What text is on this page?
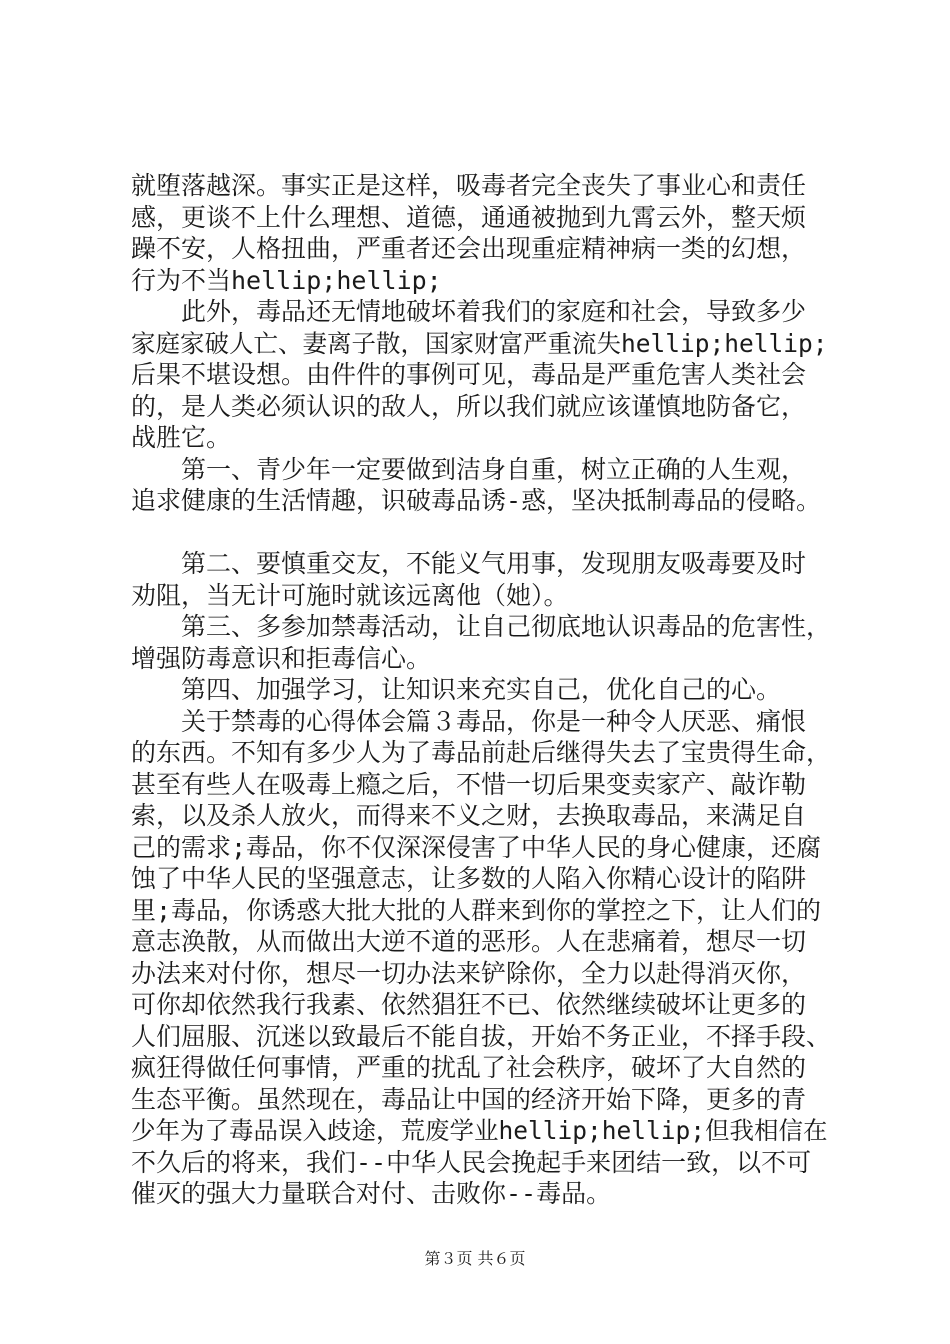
就堕落越深。事实正是这样，吸毒者完全丧失了事业心和责任
感，更谈不上什么理想、道德，通通被抛到九霄云外，整天烦
躁不安，人格扭曲，严重者还会出现重症精神病一类的幻想，
行为不当hellip;hellip;
　　此外，毒品还无情地破坏着我们的家庭和社会，导致多少
家庭家破人亡、妻离子散，国家财富严重流失hellip;hellip;
后果不堪设想。由件件的事例可见，毒品是严重危害人类社会
的，是人类必须认识的敌人，所以我们就应该谨慎地防备它，
战胜它。
　　第一、青少年一定要做到洁身自重，树立正确的人生观，
追求健康的生活情趣，识破毒品诱-惑，坚决抵制毒品的侵略。
　　第二、要慎重交友，不能义气用事，发现朋友吸毒要及时
劝阻，当无计可施时就该远离他（她）。
　　第三、多参加禁毒活动，让自己彻底地认识毒品的危害性，
增强防毒意识和拒毒信心。
　　第四、加强学习，让知识来充实自己，优化自己的心。
　　关于禁毒的心得体会篇３毒品，你是一种令人厌恶、痛恨
的东西。不知有多少人为了毒品前赴后继得失去了宝贵得生命，
甚至有些人在吸毒上瘾之后，不惜一切后果变卖家产、敲诈勒
索，以及杀人放火，而得来不义之财，去换取毒品，来满足自
己的需求;毒品，你不仅深深侵害了中华人民的身心健康，还腐
蚀了中华人民的坚强意志，让多数的人陷入你精心设计的陷阱
里;毒品，你诱惑大批大批的人群来到你的掌控之下，让人们的
意志涣散，从而做出大逆不道的恶形。人在悲痛着，想尽一切
办法来对付你，想尽一切办法来铲除你，全力以赴得消灭你，
可你却依然我行我素、依然猖狂不已、依然继续破坏让更多的
人们屈服、沉迷以致最后不能自拔，开始不务正业，不择手段、
疯狂得做任何事情，严重的扰乱了社会秩序，破坏了大自然的
生态平衡。虽然现在，毒品让中国的经济开始下降，更多的青
少年为了毒品误入歧途，荒废学业hellip;hellip;但我相信在
不久后的将来，我们--中华人民会挽起手来团结一致，以不可
催灭的强大力量联合对付、击败你--毒品。
第３页 共６页
